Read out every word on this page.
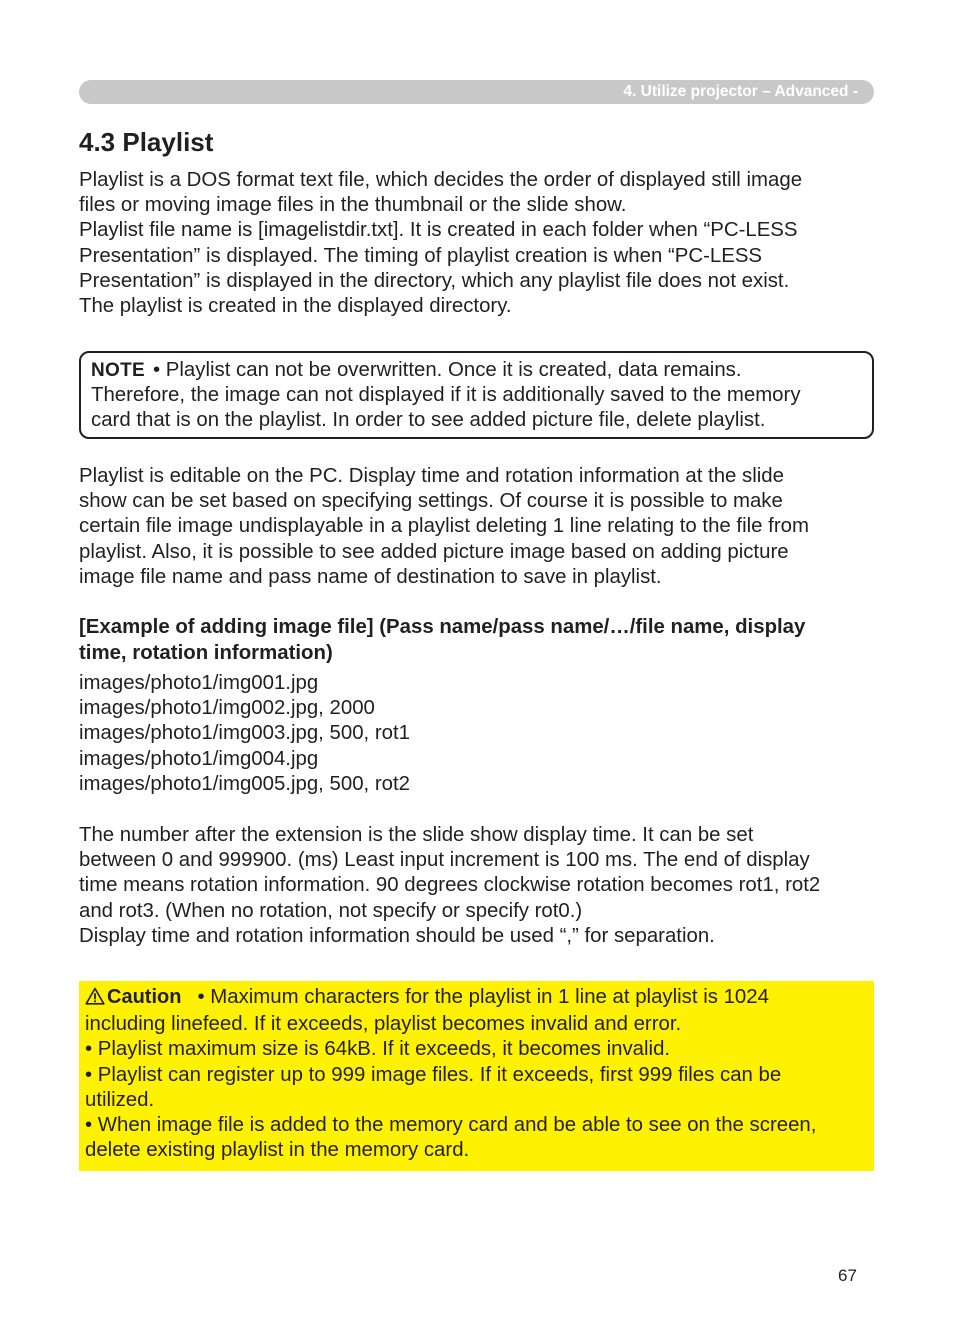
4. Utilize projector – Advanced -
4.3 Playlist

Playlist is a DOS format text file, which decides the order of displayed still image

files or moving image files in the thumbnail or the slide show.

Playlist file name is [imagelistdir.txt]. It is created in each folder when “PC-LESS

Presentation” is displayed. The timing of playlist creation is when “PC-LESS

Presentation” is displayed in the directory, which any playlist file does not exist.

The playlist is created in the displayed directory.

NOTE • Playlist can not be overwritten. Once it is created, data remains.

Therefore, the image can not displayed if it is additionally saved to the memory

card that is on the playlist. In order to see added picture file, delete playlist.

Playlist is editable on the PC. Display time and rotation information at the slide

show can be set based on specifying settings. Of course it is possible to make

certain file image undisplayable in a playlist deleting 1 line relating to the file from

playlist. Also, it is possible to see added picture image based on adding picture

image file name and pass name of destination to save in playlist.

[Example of adding image file] (Pass name/pass name/…/file name, display

time, rotation information)

images/photo1/img001.jpg

images/photo1/img002.jpg, 2000

images/photo1/img003.jpg, 500, rot1

images/photo1/img004.jpg

images/photo1/img005.jpg, 500, rot2

The number after the extension is the slide show display time. It can be set

between 0 and 999900. (ms) Least input increment is 100 ms. The end of display

time means rotation information. 90 degrees clockwise rotation becomes rot1, rot2

and rot3. (When no rotation, not specify or specify rot0.)

Display time and rotation information should be used “,” for separation.

Caution • Maximum characters for the playlist in 1 line at playlist is 1024

including linefeed. If it exceeds, playlist becomes invalid and error.

• Playlist maximum size is 64kB. If it exceeds, it becomes invalid.

• Playlist can register up to 999 image files. If it exceeds, first 999 files can be

utilized.

• When image file is added to the memory card and be able to see on the screen,

delete existing playlist in the memory card.

67
